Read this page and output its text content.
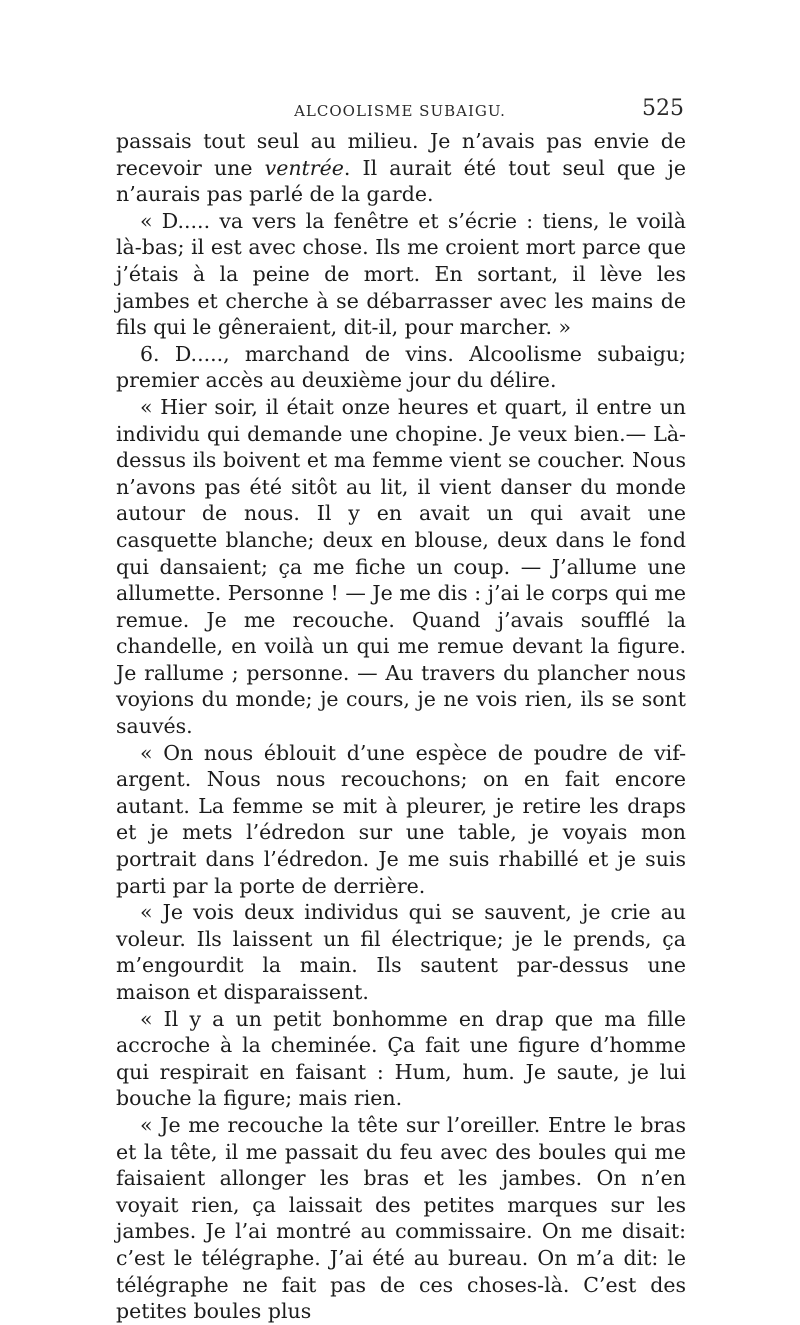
ALCOOLISME SUBAIGU.	525

passais tout seul au milieu. Je n’avais pas envie de recevoir une ventrée. Il aurait été tout seul que je n’aurais pas parlé de la garde.

« D..... va vers la fenêtre et s’écrie : tiens, le voilà là-bas; il est avec chose. Ils me croient mort parce que j’étais à la peine de mort. En sortant, il lève les jambes et cherche à se débarrasser avec les mains de fils qui le gêneraient, dit-il, pour marcher. »

6. D....., marchand de vins. Alcoolisme subaigu; premier accès au deuxième jour du délire.

« Hier soir, il était onze heures et quart, il entre un individu qui demande une chopine. Je veux bien.— Là-dessus ils boivent et ma femme vient se coucher. Nous n’avons pas été sitôt au lit, il vient danser du monde autour de nous. Il y en avait un qui avait une casquette blanche; deux en blouse, deux dans le fond qui dansaient; ça me fiche un coup. — J’allume une allumette. Personne ! — Je me dis : j’ai le corps qui me remue. Je me recouche. Quand j’avais soufflé la chandelle, en voilà un qui me remue devant la figure. Je rallume ; personne. — Au travers du plancher nous voyions du monde; je cours, je ne vois rien, ils se sont sauvés.

« On nous éblouit d’une espèce de poudre de vif-argent. Nous nous recouchons; on en fait encore autant. La femme se mit à pleurer, je retire les draps et je mets l’édredon sur une table, je voyais mon portrait dans l’édredon. Je me suis rhabillé et je suis parti par la porte de derrière.

« Je vois deux individus qui se sauvent, je crie au voleur. Ils laissent un fil électrique; je le prends, ça m’engourdit la main. Ils sautent par-dessus une maison et disparaissent.

« Il y a un petit bonhomme en drap que ma fille accroche à la cheminée. Ça fait une figure d’homme qui respirait en faisant : Hum, hum. Je saute, je lui bouche la figure; mais rien.

« Je me recouche la tête sur l’oreiller. Entre le bras et la tête, il me passait du feu avec des boules qui me faisaient allonger les bras et les jambes. On n’en voyait rien, ça laissait des petites marques sur les jambes. Je l’ai montré au commissaire. On me disait: c’est le télégraphe. J’ai été au bureau. On m’a dit: le télégraphe ne fait pas de ces choses-là. C’est des petites boules plus
